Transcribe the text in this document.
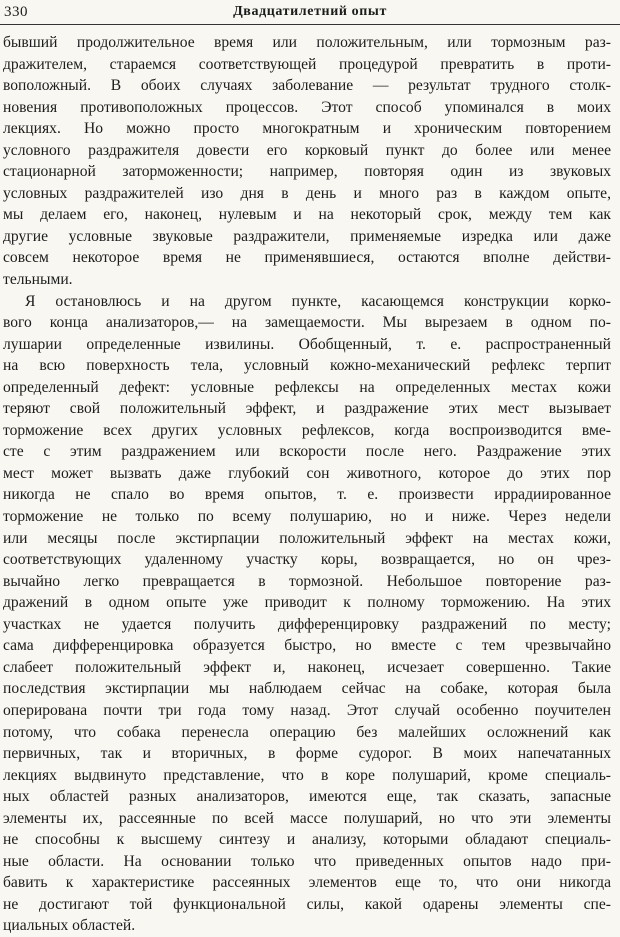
330	Двадцатилетний опыт
бывший продолжительное время или положительным, или тормозным раз-
дражителем, стараемся соответствующей процедурой превратить в проти-
воположный. В обоих случаях заболевание — результат трудного столк-
новения противоположных процессов. Этот способ упоминался в моих
лекциях. Но можно просто многократным и хроническим повторением
условного раздражителя довести его корковый пункт до более или менее
стационарной заторможенности; например, повторяя один из звуковых
условных раздражителей изо дня в день и много раз в каждом опыте,
мы делаем его, наконец, нулевым и на некоторый срок, между тем как
другие условные звуковые раздражители, применяемые изредка или даже
совсем некоторое время не применявшиеся, остаются вполне действи-
тельными.
Я остановлюсь и на другом пункте, касающемся конструкции корко-
вого конца анализаторов,— на замещаемости. Мы вырезаем в одном по-
лушарии определенные извилины. Обобщенный, т. е. распространенный
на всю поверхность тела, условный кожно-механический рефлекс терпит
определенный дефект: условные рефлексы на определенных местах кожи
теряют свой положительный эффект, и раздражение этих мест вызывает
торможение всех других условных рефлексов, когда воспроизводится вме-
сте с этим раздражением или вскорости после него. Раздражение этих
мест может вызвать даже глубокий сон животного, которое до этих пор
никогда не спало во время опытов, т. е. произвести иррадиированное
торможение не только по всему полушарию, но и ниже. Через недели
или месяцы после экстирпации положительный эффект на местах кожи,
соответствующих удаленному участку коры, возвращается, но он чрез-
вычайно легко превращается в тормозной. Небольшое повторение раз-
дражений в одном опыте уже приводит к полному торможению. На этих
участках не удается получить дифференцировку раздражений по месту;
сама дифференцировка образуется быстро, но вместе с тем чрезвычайно
слабеет положительный эффект и, наконец, исчезает совершенно. Такие
последствия экстирпации мы наблюдаем сейчас на собаке, которая была
оперирована почти три года тому назад. Этот случай особенно поучителен
потому, что собака перенесла операцию без малейших осложнений как
первичных, так и вторичных, в форме судорог. В моих напечатанных
лекциях выдвинуто представление, что в коре полушарий, кроме специаль-
ных областей разных анализаторов, имеются еще, так сказать, запасные
элементы их, рассеянные по всей массе полушарий, но что эти элементы
не способны к высшему синтезу и анализу, которыми обладают специаль-
ные области. На основании только что приведенных опытов надо при-
бавить к характеристике рассеянных элементов еще то, что они никогда
не достигают той функциональной силы, какой одарены элементы спе-
циальных областей.
